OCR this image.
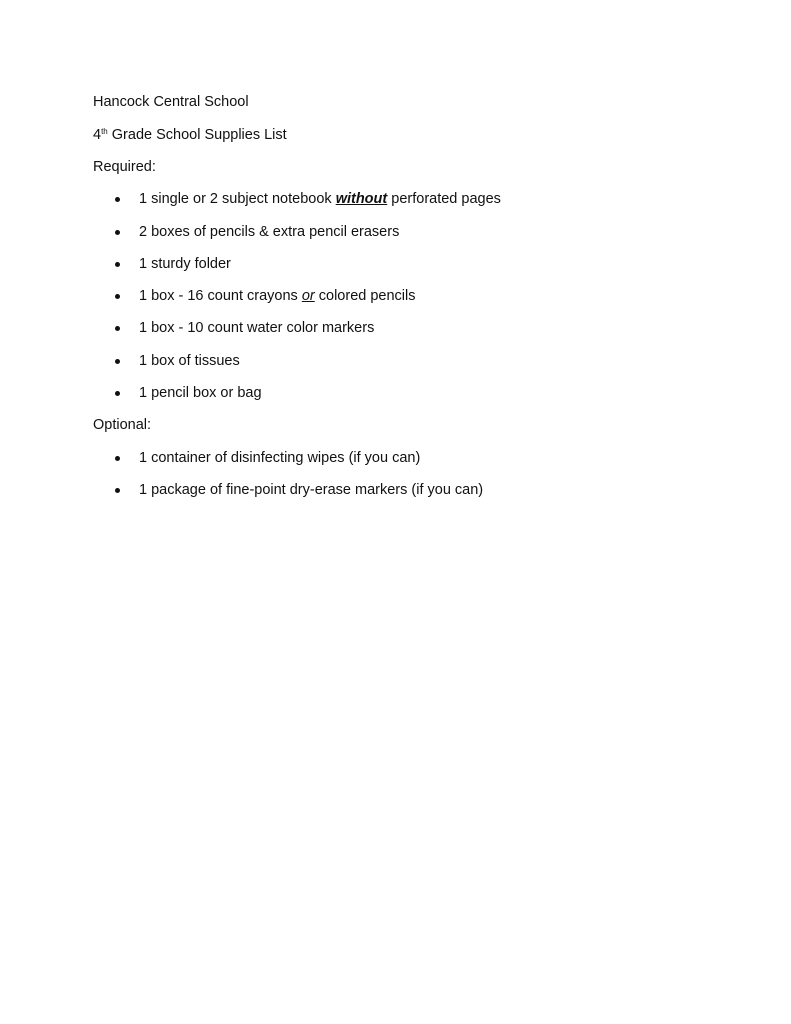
Hancock Central School
4th Grade School Supplies List
Required:
1 single or 2 subject notebook without perforated pages
2 boxes of pencils & extra pencil erasers
1 sturdy folder
1 box - 16 count crayons or colored pencils
1 box - 10 count water color markers
1 box of tissues
1 pencil box or bag
Optional:
1 container of disinfecting wipes (if you can)
1 package of fine-point dry-erase markers (if you can)
